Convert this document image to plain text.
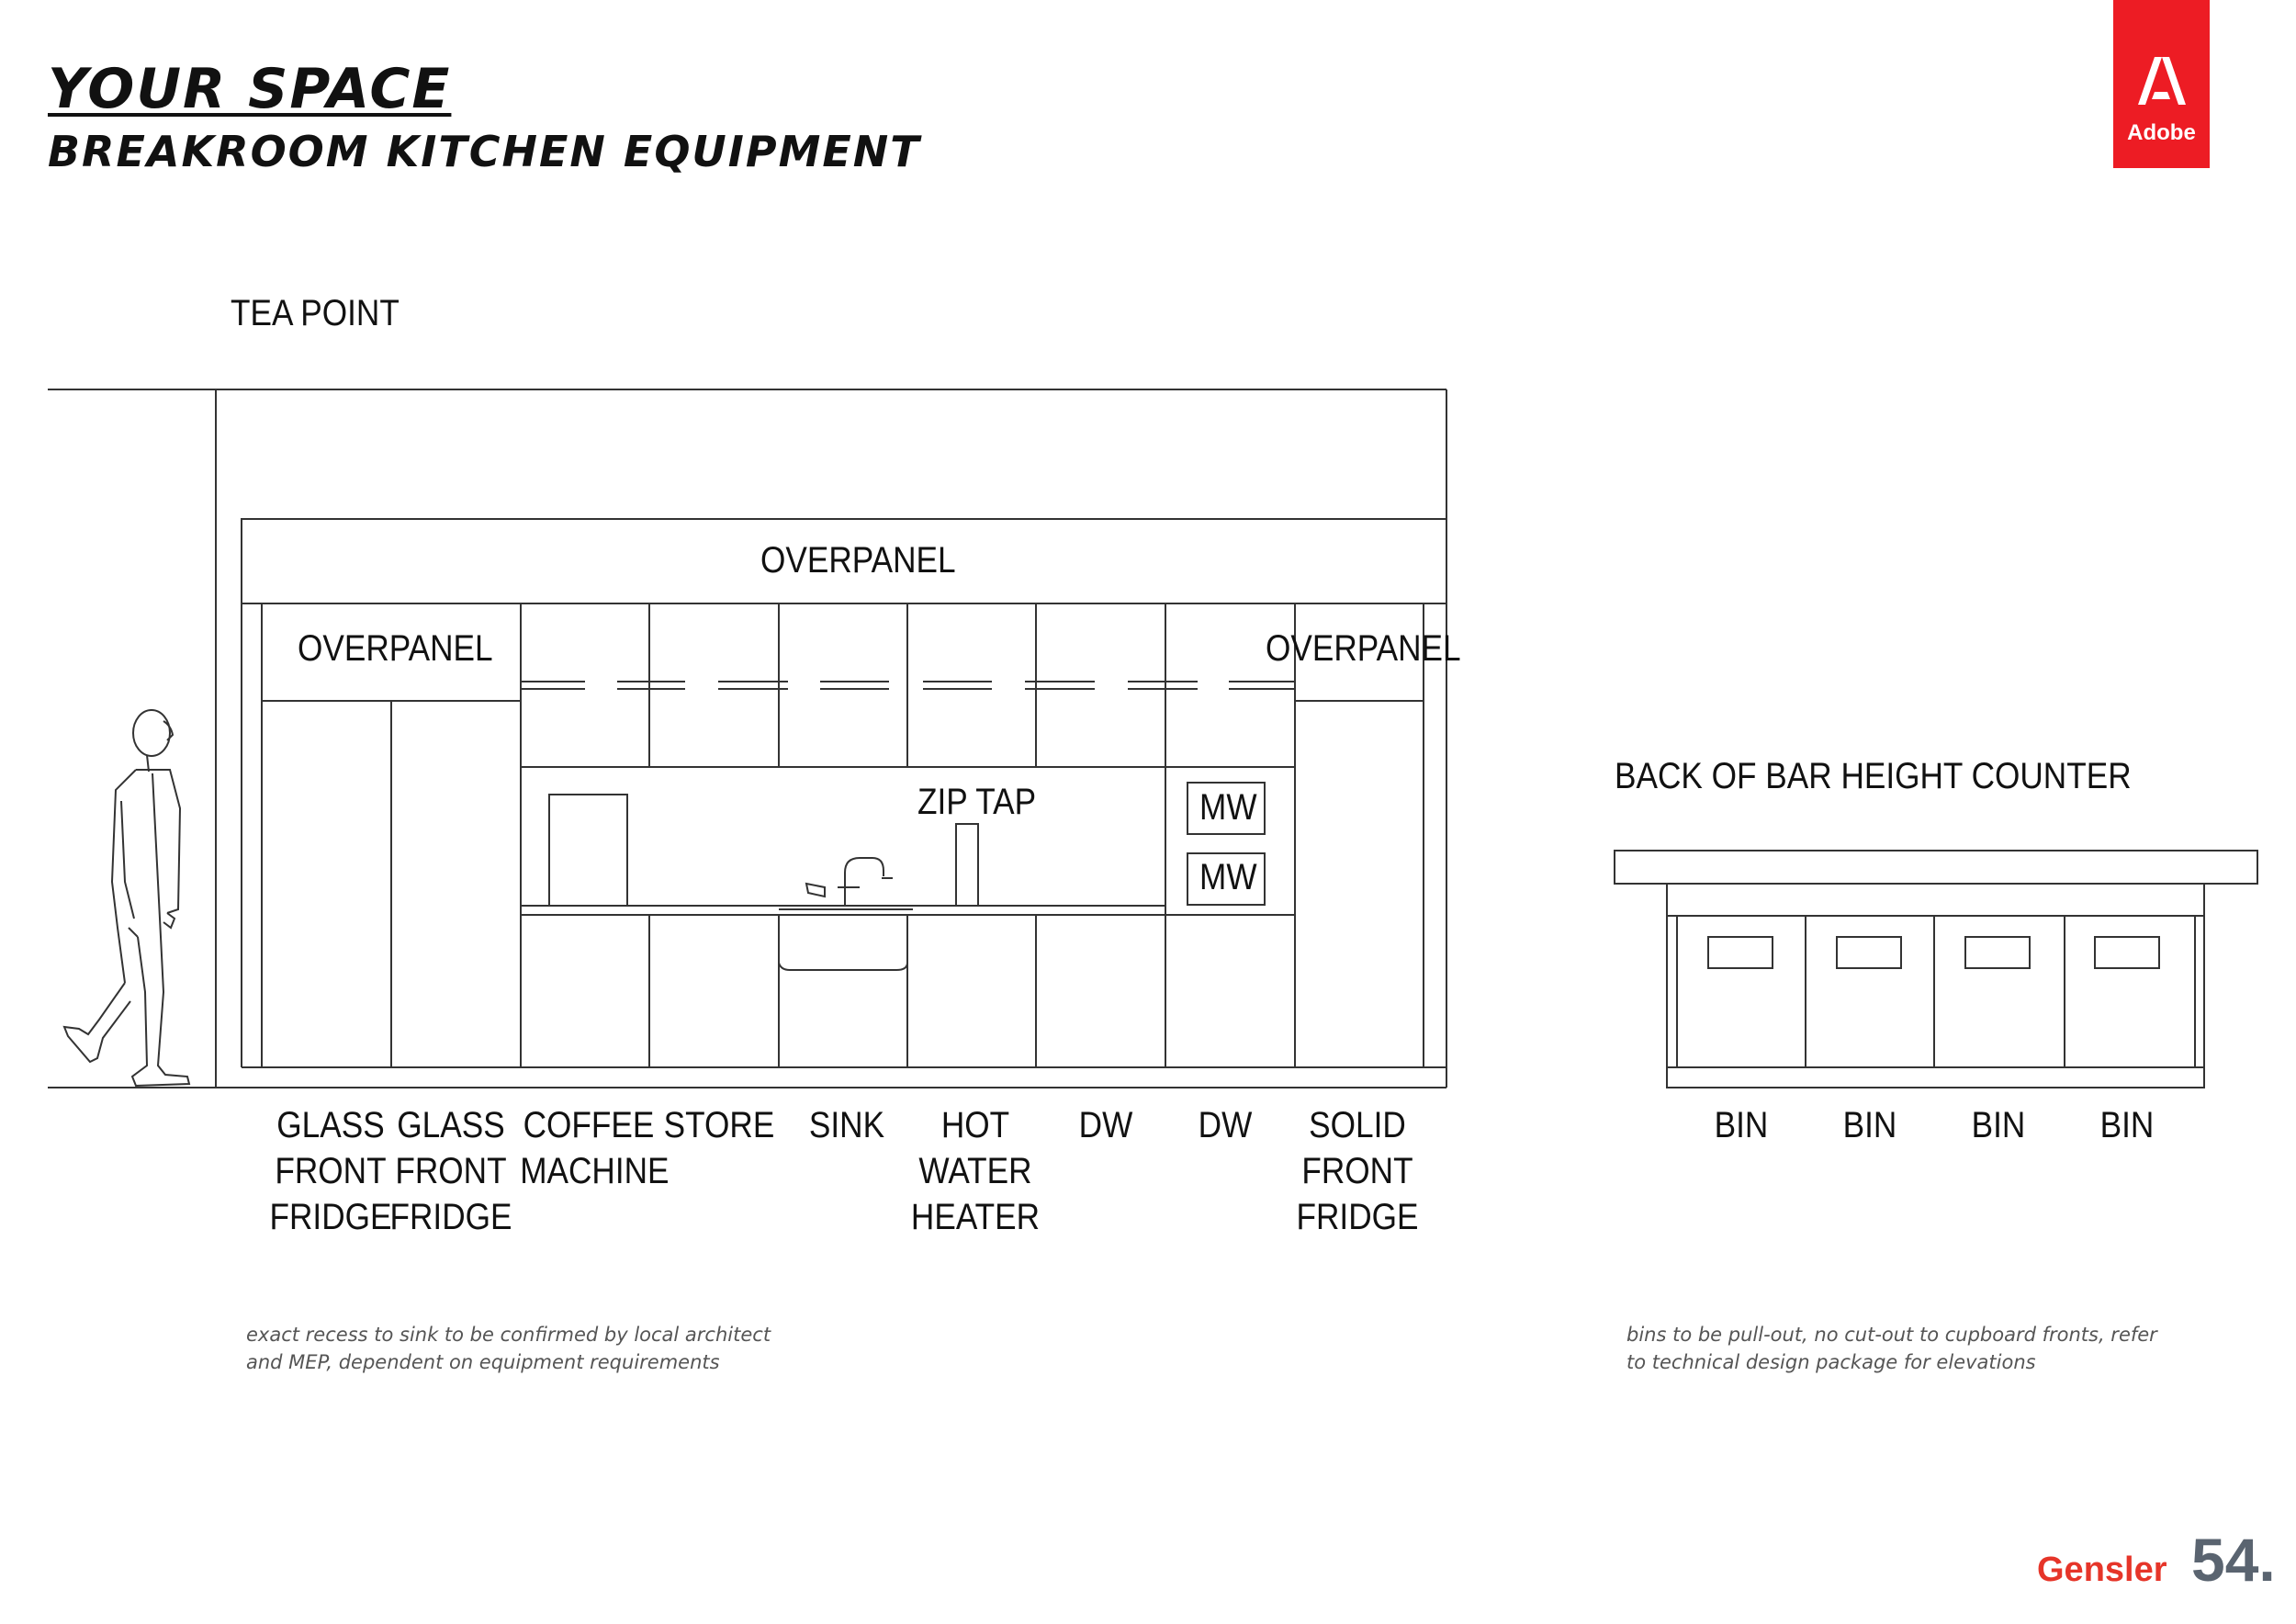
YOUR SPACE
BREAKROOM KITCHEN EQUIPMENT	Adobe
TEA POINT
OVERPANEL
OVERPANEL	OVERPANEL
ZIP TAP	MW
MW
GLASS
FRONT
FRIDGE
GLASS
FRONT
FRIDGE
COFFEE
MACHINE
STORE SINK	HOT
WATER
HEATER
DW	DW	SOLID
FRONT
FRIDGE
exact recess to sink to be confirmed by local architect and MEP, dependent on equipment requirements
BACK OF BAR HEIGHT COUNTER
BIN	BIN	BIN	BIN
bins to be pull-out, no cut-out to cupboard fronts, refer to technical design package for elevations
Gensler 54.
